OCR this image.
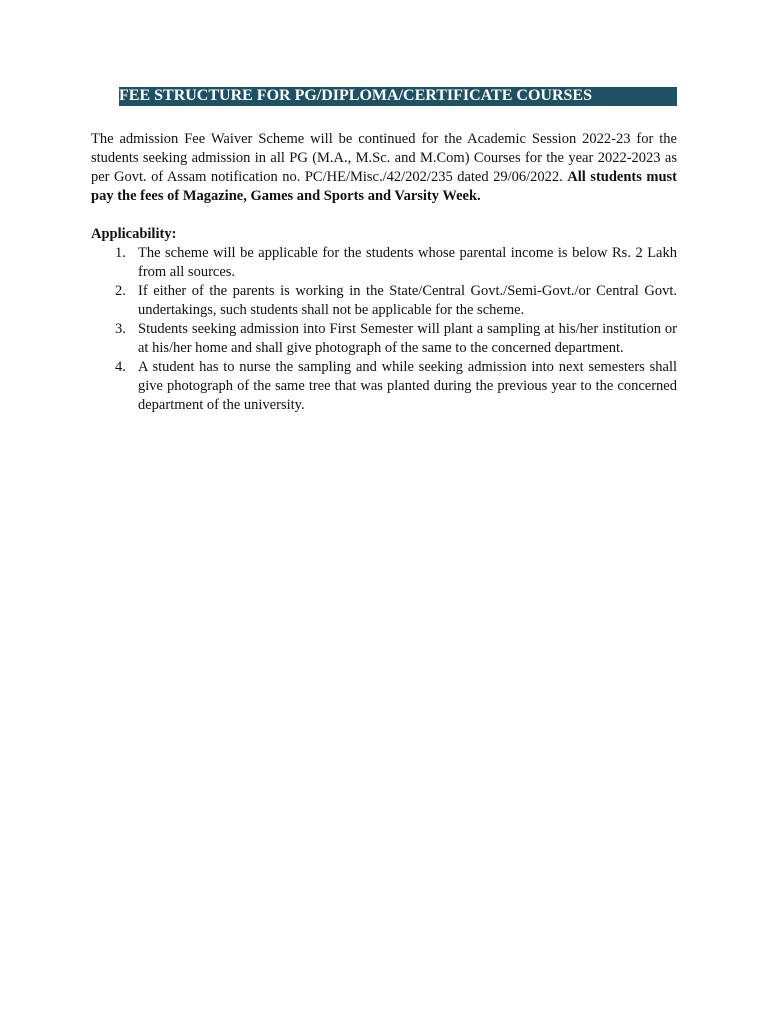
FEE STRUCTURE FOR PG/DIPLOMA/CERTIFICATE COURSES

The admission Fee Waiver Scheme will be continued for the Academic Session 2022-23 for the students seeking admission in all PG (M.A., M.Sc. and M.Com) Courses for the year 2022-2023 as per Govt. of Assam notification no. PC/HE/Misc./42/202/235 dated 29/06/2022. All students must pay the fees of Magazine, Games and Sports and Varsity Week.

Applicability:

1. The scheme will be applicable for the students whose parental income is below Rs. 2 Lakh from all sources.
2. If either of the parents is working in the State/Central Govt./Semi-Govt./or Central Govt. undertakings, such students shall not be applicable for the scheme.
3. Students seeking admission into First Semester will plant a sampling at his/her institution or at his/her home and shall give photograph of the same to the concerned department.
4. A student has to nurse the sampling and while seeking admission into next semesters shall give photograph of the same tree that was planted during the previous year to the concerned department of the university.
